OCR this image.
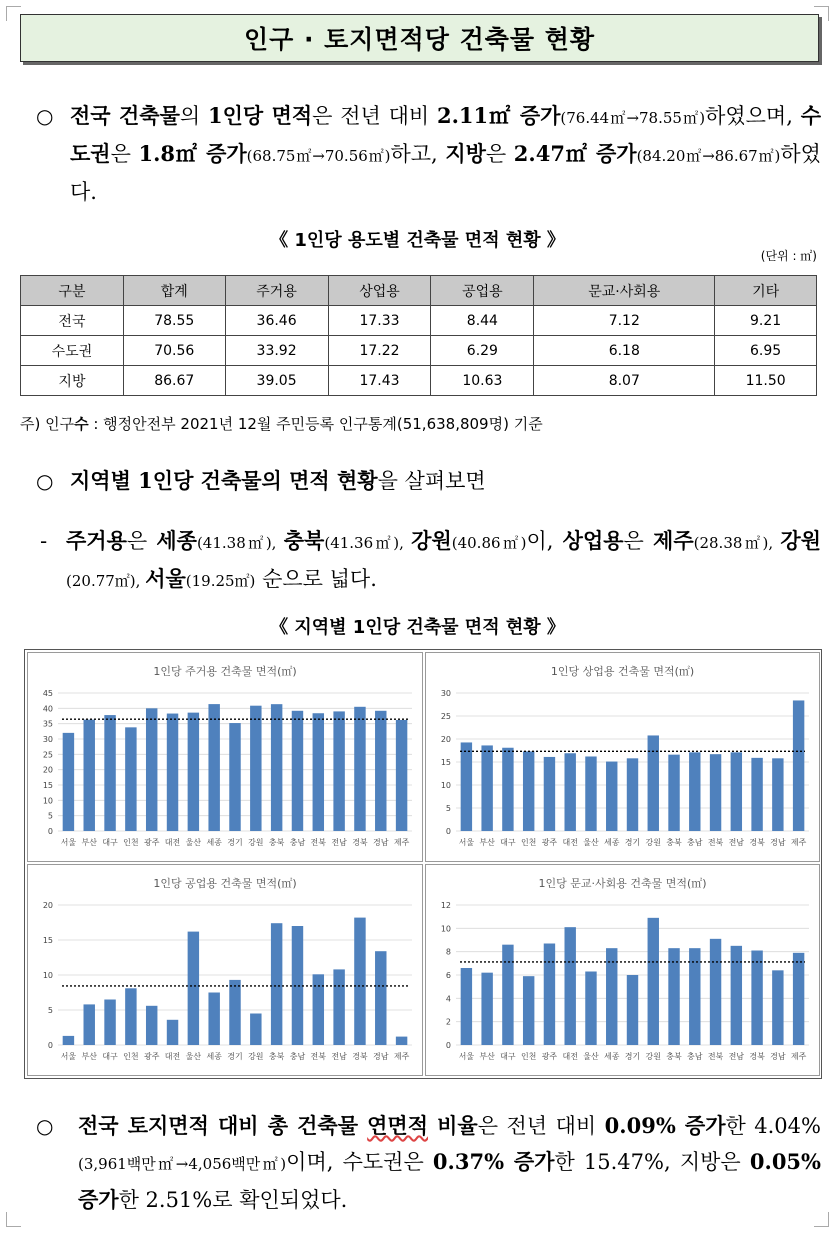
인구 · 토지면적당 건축물 현황
○ 전국 건축물의 1인당 면적은 전년 대비 2.11㎡ 증가(76.44㎡→78.55㎡)하였으며, 수도권은 1.8㎡ 증가(68.75㎡→70.56㎡)하고, 지방은 2.47㎡ 증가(84.20㎡→86.67㎡)하였다.
《 1인당 용도별 건축물 면적 현황 》
(단위 : ㎡)
구분	합계	주거용	상업용	공업용	문교·사회용	기타
전국	78.55	36.46	17.33	8.44	7.12	9.21
수도권	70.56	33.92	17.22	6.29	6.18	6.95
지방	86.67	39.05	17.43	10.63	8.07	11.50
주) 인구수 : 행정안전부 2021년 12월 주민등록 인구통계(51,638,809명) 기준
○ 지역별 1인당 건축물의 면적 현황을 살펴보면
- 주거용은 세종(41.38㎡), 충북(41.36㎡), 강원(40.86㎡)이, 상업용은 제주(28.38㎡), 강원(20.77㎡), 서울(19.25㎡) 순으로 넓다.
《 지역별 1인당 건축물 면적 현황 》
1인당 주거용 건축물 면적(㎡)
0
5
10
15
20
25
30
35
40
45
서울 부산 대구 인천 광주 대전 울산 세종 경기 강원 충북 충남 전북 전남 경북 경남 제주
1인당 상업용 건축물 면적(㎡)
0
5
10
15
20
25
30
서울 부산 대구 인천 광주 대전 울산 세종 경기 강원 충북 충남 전북 전남 경북 경남 제주
1인당 공업용 건축물 면적(㎡)
0
5
10
15
20
서울 부산 대구 인천 광주 대전 울산 세종 경기 강원 충북 충남 전북 전남 경북 경남 제주
1인당 문교·사회용 건축물 면적(㎡)
0
2
4
6
8
10
12
서울 부산 대구 인천 광주 대전 울산 세종 경기 강원 충북 충남 전북 전남 경북 경남 제주
○ 전국 토지면적 대비 총 건축물 연면적 비율은 전년 대비 0.09% 증가한 4.04% (3,961백만㎡→4,056백만㎡)이며, 수도권은 0.37% 증가한 15.47%, 지방은 0.05% 증가한 2.51%로 확인되었다.
